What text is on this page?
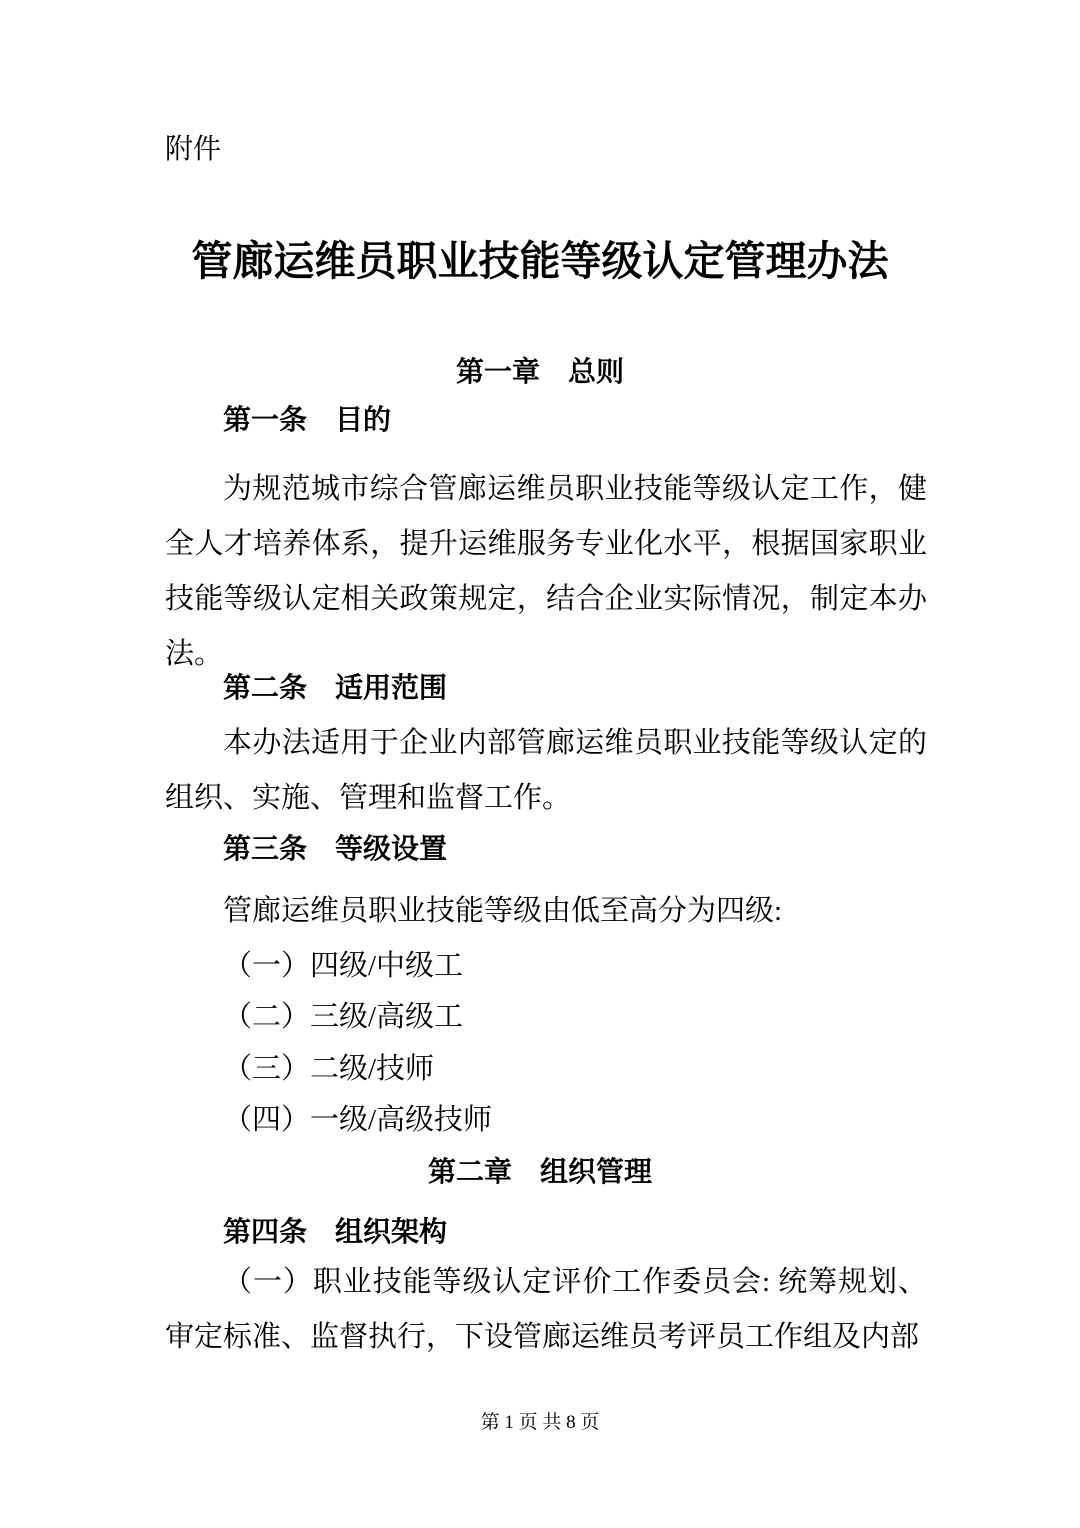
附件
管廊运维员职业技能等级认定管理办法
第一章　总则
第一条　目的

为规范城市综合管廊运维员职业技能等级认定工作，健全人才培养体系，提升运维服务专业化水平，根据国家职业技能等级认定相关政策规定，结合企业实际情况，制定本办法。

第二条　适用范围

本办法适用于企业内部管廊运维员职业技能等级认定的组织、实施、管理和监督工作。

第三条　等级设置

管廊运维员职业技能等级由低至高分为四级:

（一）四级/中级工
（二）三级/高级工
（三）二级/技师
（四）一级/高级技师
第二章　组织管理
第四条　组织架构

（一）职业技能等级认定评价工作委员会: 统筹规划、审定标准、监督执行，下设管廊运维员考评员工作组及内部

第 1 页 共 8 页
